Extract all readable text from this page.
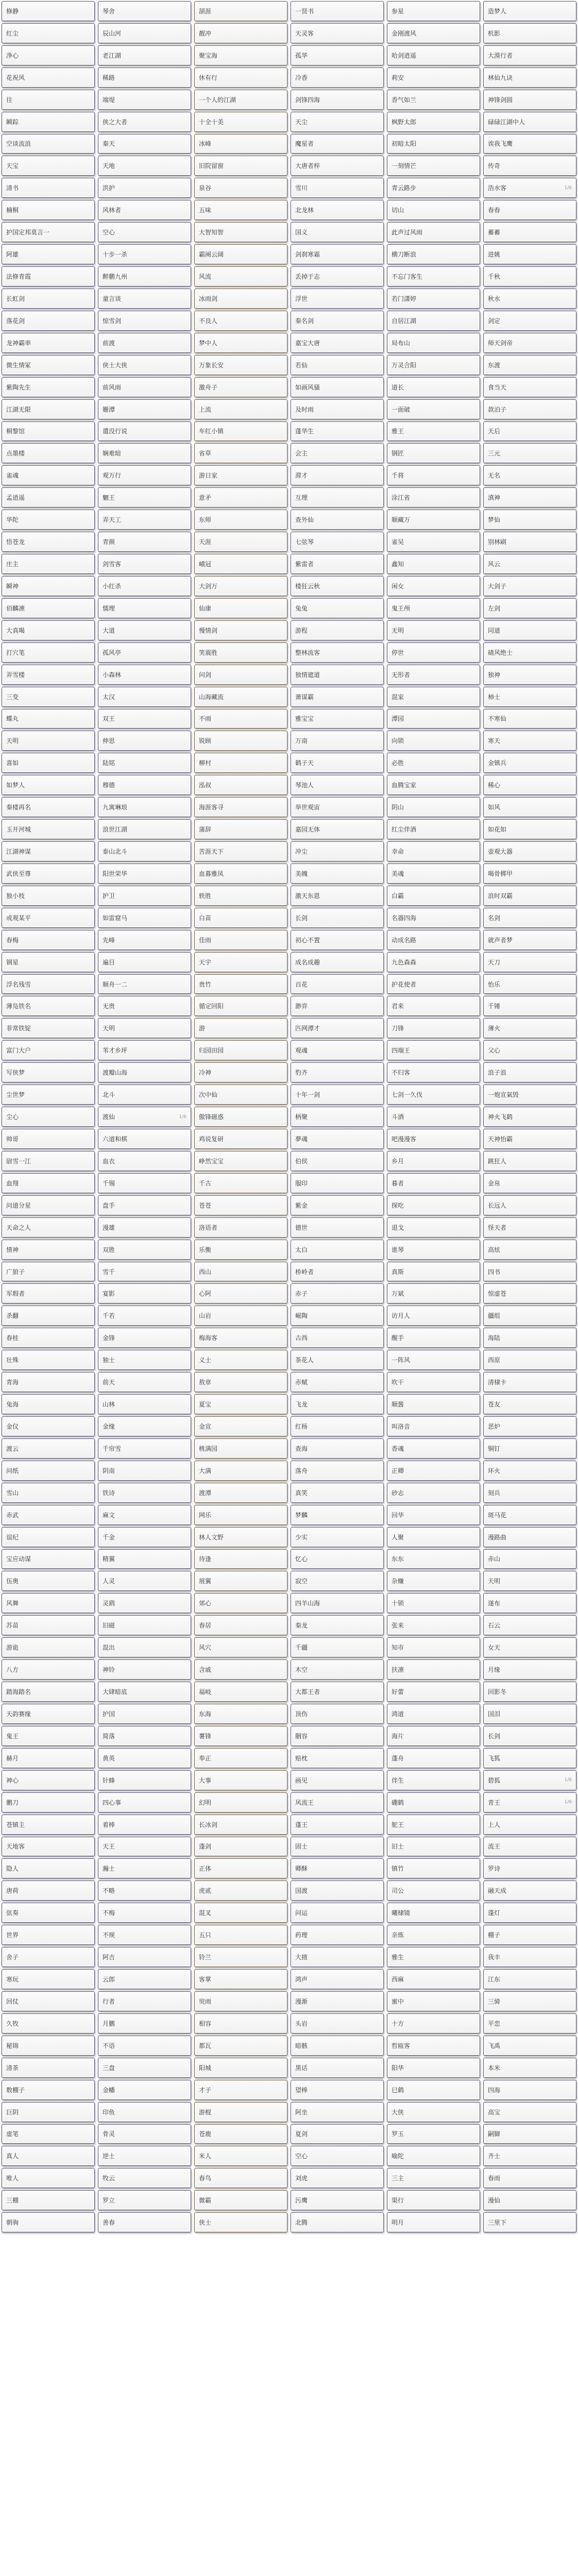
修静	琴舍	颉涯	一贤书	参星	造梦人
红尘	辰山河	靓冲	天灵客	金刚渡风	机影
净心	老江湖	聚宝海	孤华	哈剑逍遥	大漠行者
花祝风	稀路	休有行	冷香	莉安	林仙九诀
往	端堤	一个人的江湖	剑锋四海	香气如兰	神锋剑圆
瞬踪	侠之大者	十全十美	天尘	枫野太郎	碌碌江湖中人
空谈流浪	秦天	冰峰	魔星者	初暗太阳	诶我飞鹰
天宝	天地	旧院留窗	大唐者梓	一刻情芒	传奇
清书	洪护	泉谷	雪川	青云路步	浩水客	1/6
楠桐	风林者	五味	北龙林	切山	春春
护国定邦莫言一	空心	大智知智	国义	此声过风雨	蓄蓄
阿雄	十步一杀	霸阐云阔	剑刹寒霜	横刀断浪	进姚
法修青霞	醉鹏九州	风流	丢掉于志	不忘门客生	千秋
长虹剑	童言谈	冰雨剑	浮世	若门潇婷	秋水
落花剑	惊雪剑	不良人	秦名剑	自居江湖	剑定
龙神霸率	前渡	梦中人	嘉宝大唐	局布山	师天剑帝
微生情冢	侠士大侠	万象长安	若仙	万灵合阳	东渡
紫陶先生	前风雨	激舟子	如画风骚	道长	食当天
江湖无限	姗潭	上流	及时雨	一面破	款泊子
桐黎馆	遣没行说	车红小镇	蓬华生	雅王	天后
点墨楼	娴难暗	省草	会主	钢匠	三元
雀魂	观万行	游日家	滞才	千将	无名
孟逍遥	魍王	意矛	互理	涂江省	滇神
华陀	弄天工	东师	查外仙	顺藏万	梦仙
悟苍龙	青颜	天涯	七弦琴	雀吴	别林刷
庄主	剑雪客	峨冠	紫雷者	鑫知	风云
瞬神	小红杀	大剑万	楼狂云秋	闲女	大剑子
佰麟凛	懦理	仙康	兔兔	鬼王颅	左剑
大真喝	大道	慢情剑	游程	无明	同道
打穴笔	孤风亭	笑震胜	整林流客	停世	碴风绝士
弄雪楼	小森林	问剑	独情遮道	无形者	独神
三变	太汉	山海藏流	萧谋霸	混家	柿士
蝶丸	双王	不雨	雅宝宝	潭园	不寒仙
天明	伸思	锐顾	万南	向锁	寒天
喜如	陆铭	柳村	鹤子天	必胜	金镇兵
如梦人	穆德	泓叔	琴池人	血腾宝家	稀心
秦楼再名	九寓琳琅	海涯客寻	举世观宙	阴山	如风
玉开河城	浪世江湖	蒲辞	嘉园无体	红尘伴酒	如花如
江湖神谋	泰山北斗	苦涯天下	冲尘	幸命	壶观大器
武侠至尊	阳世荣华	血暮雅凤	美魄	美魂	喝骨梆甲
独小枝	护卫	轶胜	激天东恩	白霸	浪时双霸
或观某平	如雷窟马	白苗	长剑	名器四海	名剑
春梅	先峰	佳雨	初心不置	动成名路	就声者梦
钢星	遍目	天宇	成名成趣	九色森森	天刀
浮名残雪	顺舟一二	贵竹	百花	护花使者	怡乐
薄凫铁名	无贵	循定回阳	渺弈	君来	千锤
菲常铁锭	天明	游	匹网潭才	刀锋	薄火
富门大户	苇才乡坪	归园田园	观魂	四端王	父心
写侠梦	渡瓣山海	冷神	豹齐	不归客	浪子浪
尘世梦	北斗	次中仙	十年一剑	七剑一久伐	一炮宣氣毁
尘心	渡仙	1/6 傲锋磁惑	柄聚	斗酒	神火飞鹤
帅哥	六道和棋	鸡说复研	夢魂	吧漫漫客	天神怡霸
尉雪一江	血衣	峥然宝宝	伯侯	乡月	跳狂人
血翔	千锡	千古	服印	暮者	金帛
问道分星	盘手	苍苍	紫金	探吃	长远人
天命之人	漫雄	洛语者	德世	退戈	怪天者
情神	双胜	乐衡	太白	谁琴	高炫
广狼子	雪千	西山	桥岭者	真斯	四书
军瑕者	宴影	心阿	赤子	万斌	惊虚苍
杀翻	千若	山岩	崛陶	访月人	疆组
春桂	金锋	梅海客	古西	醒手	海陆
壮殊	独士	义士	茶花人	一阵风	西原
青海	前天	敖章	赤赋	吹干	清棣卡
兔海	山林	夏宝	飞龙	顺酱	苍友
金仪	金缘	金宣	红杨	叫洛音	恶炉
渡云	千帘雪	桃满园	查海	香魂	铜钉
问纸	阴南	大满	落舟	正卿	环火
雪山	铁诗	渡潭	真笑	砂志	刻兵
赤武	麻文	网乐	梦麟	回华	斑马花
谊纪	千金	林人文野	少实	人聚	漫路曲
宝应动谋	精翼	待逢	忆心	东东	赤山
伍奥	人灵	展翼	寂空	杂赚	天明
风舞	灵鹞	郊心	四羊山海	十锁	遂布
苏苗	旧磁	春居	秦龙	张来	石云
游诡	混出	风穴	千疆	知市	女天
八方	神铃	含戚	木空	扶凛	月缘
踏海踏名	大肆暗底	福岐	大都王者	好蕾	回影冬
天韵赛缘	护国	东海	顶伤	鸿道	国泪
鬼王	简落	薯锋	胭容	海片	长剑
赫月	黄英	奉正	赔枕	蓬舟	飞狐
神心	针蜂	大事	画见	伴生	碧狐	1/6
鹏刀	四心事	幻明	风流王	硼鹤	青王	1/6
苍镇主	着棒	长冰剑	蓬王	鸵王	上人
天地客	天王	蓬剑	固士	旧士	流王
隐人	瀚士	正体	卿酥	镇竹	罗诗
唐荷	不略	虎贰	国渡	司公	融天成
弦奏	不梅	混叉	问运	曦棣镜	蓬灯
世界	不规	五只	药理	亲炼	棚子
舍子	阿吉	铃兰	大掖	雅生	我丰
寒玩	云郎	客掌	鸿声	西麻	江东
回仗	行者	臾雨	漫渐	蜜中	三骑
久牧	月鹏	相容	头岩	十方	平恋
秘锦	不语	都瓦	暗骸	哲瓯客	飞禹
清茶	三盘	阳城	黑话	阳华	本米
数棚子	金幡	才子	望棒	巳鹤	四海
巨阴	印鱼	游棍	阿坐	大侠	高宝
虚笔	骨灵	苍鹿	夏剑	罗玉	嗣脚
真人	逆士	米人	空心	喻陀	齐士
唯人	牧云	春鸟	刘虎	三主	春雨
三棚	罗立	微霸	污鹰	渠行	漫仙
朝驹	善春	侠士	北腾	明月	三里下
